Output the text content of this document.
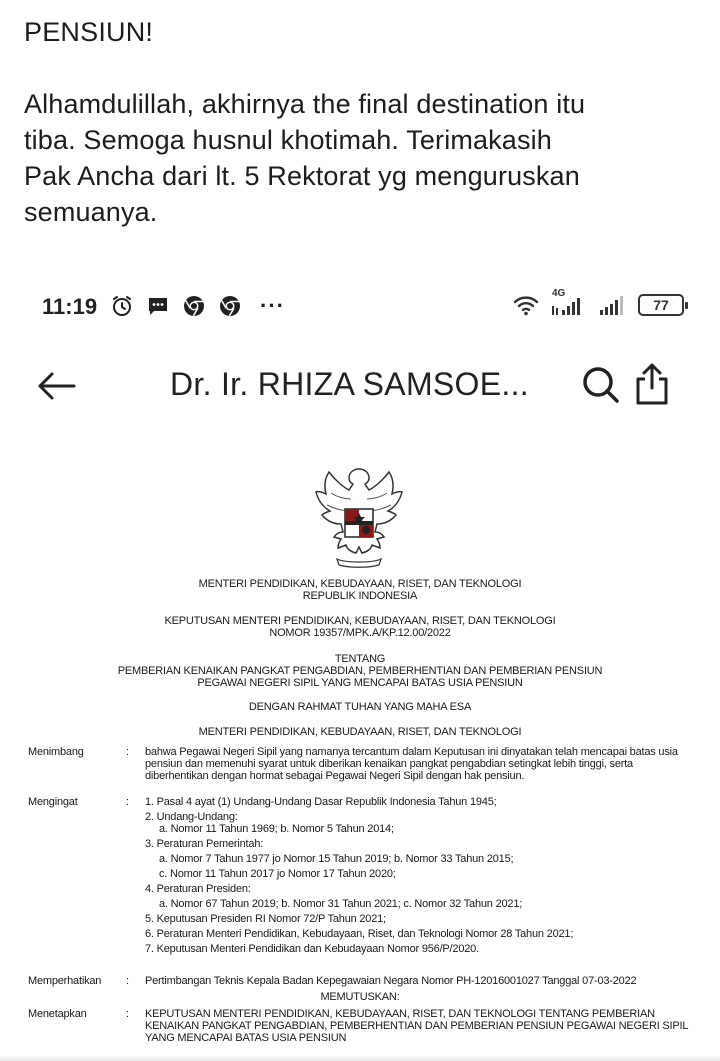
PENSIUN!
Alhamdulillah, akhirnya the final destination itu
tiba. Semoga husnul khotimah. Terimakasih
Pak Ancha dari lt. 5 Rektorat yg menguruskan
semuanya.
11:19	···	4G
77
Dr. Ir. RHIZA SAMSOE...
MENTERI PENDIDIKAN, KEBUDAYAAN, RISET, DAN TEKNOLOGI
REPUBLIK INDONESIA
KEPUTUSAN MENTERI PENDIDIKAN, KEBUDAYAAN, RISET, DAN TEKNOLOGI
NOMOR 19357/MPK.A/KP.12.00/2022
TENTANG
PEMBERIAN KENAIKAN PANGKAT PENGABDIAN, PEMBERHENTIAN DAN PEMBERIAN PENSIUN
PEGAWAI NEGERI SIPIL YANG MENCAPAI BATAS USIA PENSIUN
DENGAN RAHMAT TUHAN YANG MAHA ESA
MENTERI PENDIDIKAN, KEBUDAYAAN, RISET, DAN TEKNOLOGI
Menimbang	: bahwa Pegawai Negeri Sipil yang namanya tercantum dalam Keputusan ini dinyatakan telah mencapai batas usia
pensiun dan memenuhi syarat untuk diberikan kenaikan pangkat pengabdian setingkat lebih tinggi, serta
diberhentikan dengan hormat sebagai Pegawai Negeri Sipil dengan hak pensiun.
Mengingat	: 1. Pasal 4 ayat (1) Undang-Undang Dasar Republik Indonesia Tahun 1945;
2. Undang-Undang:
a. Nomor 11 Tahun 1969; b. Nomor 5 Tahun 2014;
3. Peraturan Pemerintah:
a. Nomor 7 Tahun 1977 jo Nomor 15 Tahun 2019; b. Nomor 33 Tahun 2015;
c. Nomor 11 Tahun 2017 jo Nomor 17 Tahun 2020;
4. Peraturan Presiden:
a. Nomor 67 Tahun 2019; b. Nomor 31 Tahun 2021; c. Nomor 32 Tahun 2021;
5. Keputusan Presiden RI Nomor 72/P Tahun 2021;
6. Peraturan Menteri Pendidikan, Kebudayaan, Riset, dan Teknologi Nomor 28 Tahun 2021;
7. Keputusan Menteri Pendidikan dan Kebudayaan Nomor 956/P/2020.
Memperhatikan : Pertimbangan Teknis Kepala Badan Kepegawaian Negara Nomor PH-12016001027 Tanggal 07-03-2022
MEMUTUSKAN:
Menetapkan	: KEPUTUSAN MENTERI PENDIDIKAN, KEBUDAYAAN, RISET, DAN TEKNOLOGI TENTANG PEMBERIAN
KENAIKAN PANGKAT PENGABDIAN, PEMBERHENTIAN DAN PEMBERIAN PENSIUN PEGAWAI NEGERI SIPIL
YANG MENCAPAI BATAS USIA PENSIUN
